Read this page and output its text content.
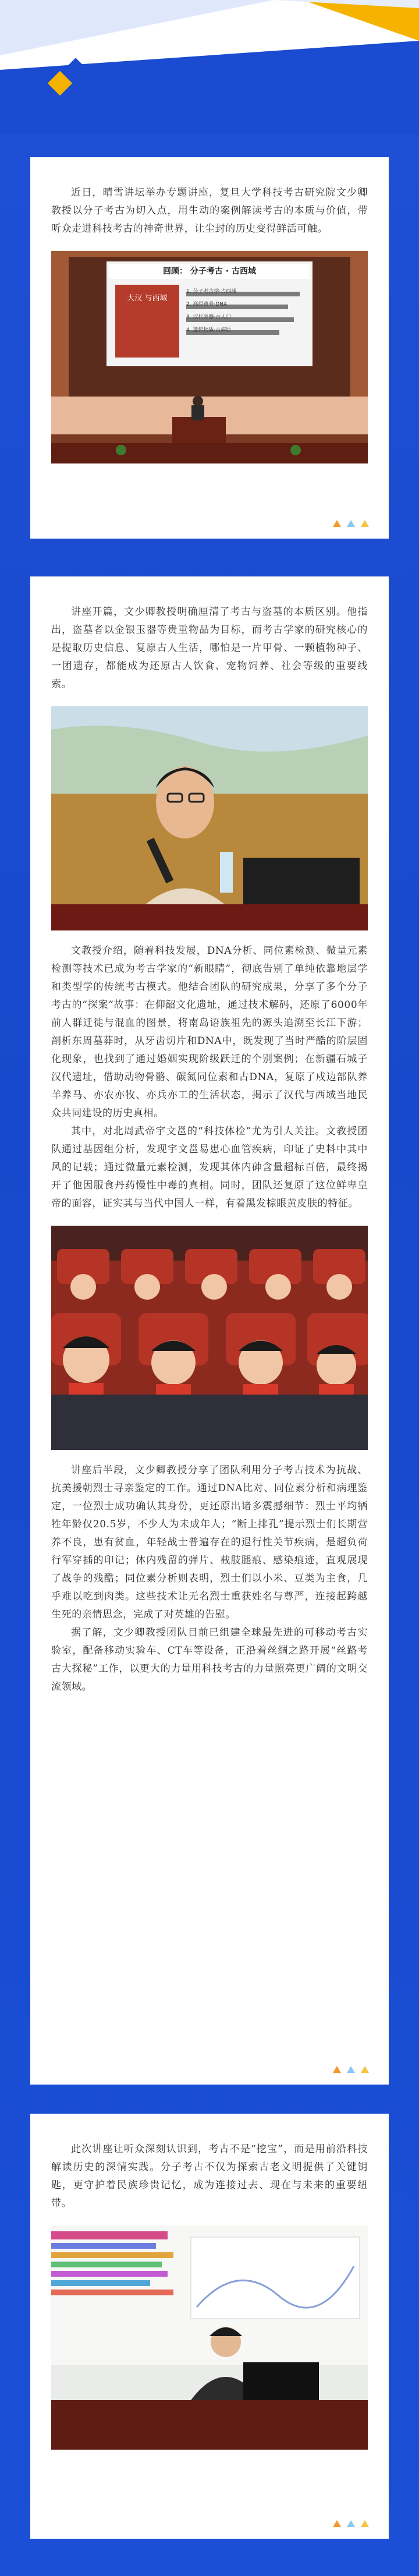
近日，晴雪讲坛举办专题讲座，复旦大学科技考古研究院文少卿教授以分子考古为切入点，用生动的案例解读考古的本质与价值，带听众走进科技考古的神奇世界，让尘封的历史变得鲜活可触。

回顾： 分子考古 · 古西域
大汉 与西域
1. 分子考古学·古西域
2. 高原遗骨·DNA
3. 汉代骨骼·古人口
4. 遗传物质·古病原

讲座开篇，文少卿教授明确厘清了考古与盗墓的本质区别。他指出，盗墓者以金银玉器等贵重物品为目标，而考古学家的研究核心的是提取历史信息、复原古人生活，哪怕是一片甲骨、一颗植物种子、一团遗存，都能成为还原古人饮食、宠物饲养、社会等级的重要线索。

文教授介绍，随着科技发展，DNA分析、同位素检测、微量元素检测等技术已成为考古学家的“新眼睛”，彻底告别了单纯依靠地层学和类型学的传统考古模式。他结合团队的研究成果，分享了多个分子考古的“探案”故事：在仰韶文化遗址，通过技术解码，还原了6000年前人群迁徙与混血的图景，将南岛语族祖先的源头追溯至长江下游；剖析东周墓葬时，从牙齿切片和DNA中，既发现了当时严酷的阶层固化现象，也找到了通过婚姻实现阶级跃迁的个别案例；在新疆石城子汉代遗址，借助动物骨骼、碳氮同位素和古DNA，复原了戍边部队养羊养马、亦农亦牧、亦兵亦工的生活状态，揭示了汉代与西域当地民众共同建设的历史真相。

其中，对北周武帝宇文邕的“科技体检”尤为引人关注。文教授团队通过基因组分析，发现宇文邕易患心血管疾病，印证了史料中其中风的记载；通过微量元素检测，发现其体内砷含量超标百倍，最终揭开了他因服食丹药慢性中毒的真相。同时，团队还复原了这位鲜卑皇帝的面容，证实其与当代中国人一样，有着黑发棕眼黄皮肤的特征。

讲座后半段，文少卿教授分享了团队利用分子考古技术为抗战、抗美援朝烈士寻亲鉴定的工作。通过DNA比对、同位素分析和病理鉴定，一位烈士成功确认其身份，更还原出诸多震撼细节：烈士平均牺牲年龄仅20.5岁，不少人为未成年人；“断上排孔”提示烈士们长期营养不良，患有贫血，年轻战士普遍存在的退行性关节疾病，是超负荷行军穿插的印记；体内残留的弹片、截肢腿痕、感染痕迹，直观展现了战争的残酷；同位素分析则表明，烈士们以小米、豆类为主食，几乎难以吃到肉类。这些技术让无名烈士重获姓名与尊严，连接起跨越生死的亲情思念，完成了对英雄的告慰。

据了解，文少卿教授团队目前已组建全球最先进的可移动考古实验室，配备移动实验车、CT车等设备，正沿着丝绸之路开展“丝路考古大探秘”工作，以更大的力量用科技考古的力量照亮更广阔的文明交流领域。

此次讲座让听众深刻认识到，考古不是“挖宝”，而是用前沿科技解读历史的深情实践。分子考古不仅为探索古老文明提供了关键钥匙，更守护着民族珍贵记忆，成为连接过去、现在与未来的重要纽带。
